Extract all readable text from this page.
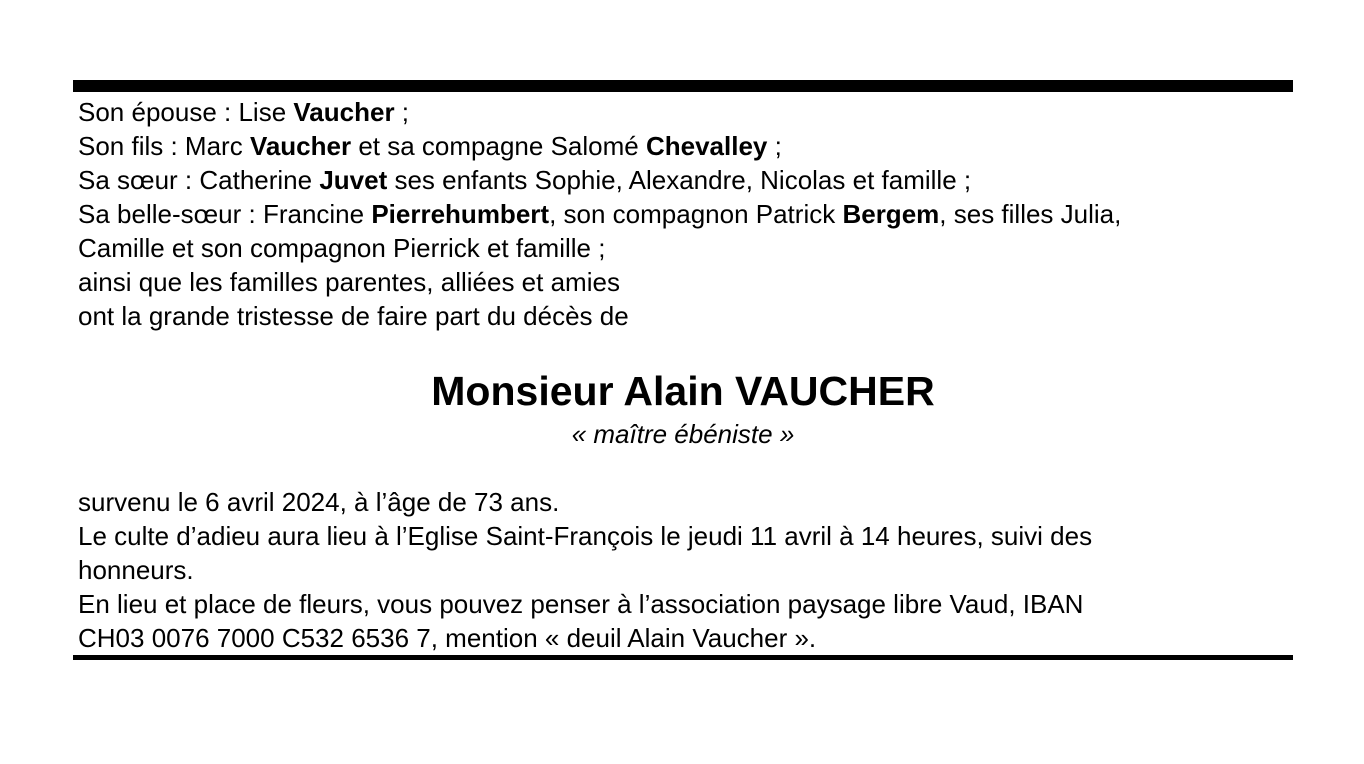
Son épouse : Lise Vaucher ;
Son fils : Marc Vaucher et sa compagne Salomé Chevalley ;
Sa sœur : Catherine Juvet ses enfants Sophie, Alexandre, Nicolas et famille ;
Sa belle-sœur : Francine Pierrehumbert, son compagnon Patrick Bergem, ses filles Julia,
Camille et son compagnon Pierrick et famille ;
ainsi que les familles parentes, alliées et amies
ont la grande tristesse de faire part du décès de
Monsieur Alain VAUCHER
« maître ébéniste »
survenu le 6 avril 2024, à l’âge de 73 ans.
Le culte d’adieu aura lieu à l’Eglise Saint-François le jeudi 11 avril à 14 heures, suivi des
honneurs.
En lieu et place de fleurs, vous pouvez penser à l’association paysage libre Vaud, IBAN
CH03 0076 7000 C532 6536 7, mention « deuil Alain Vaucher ».
